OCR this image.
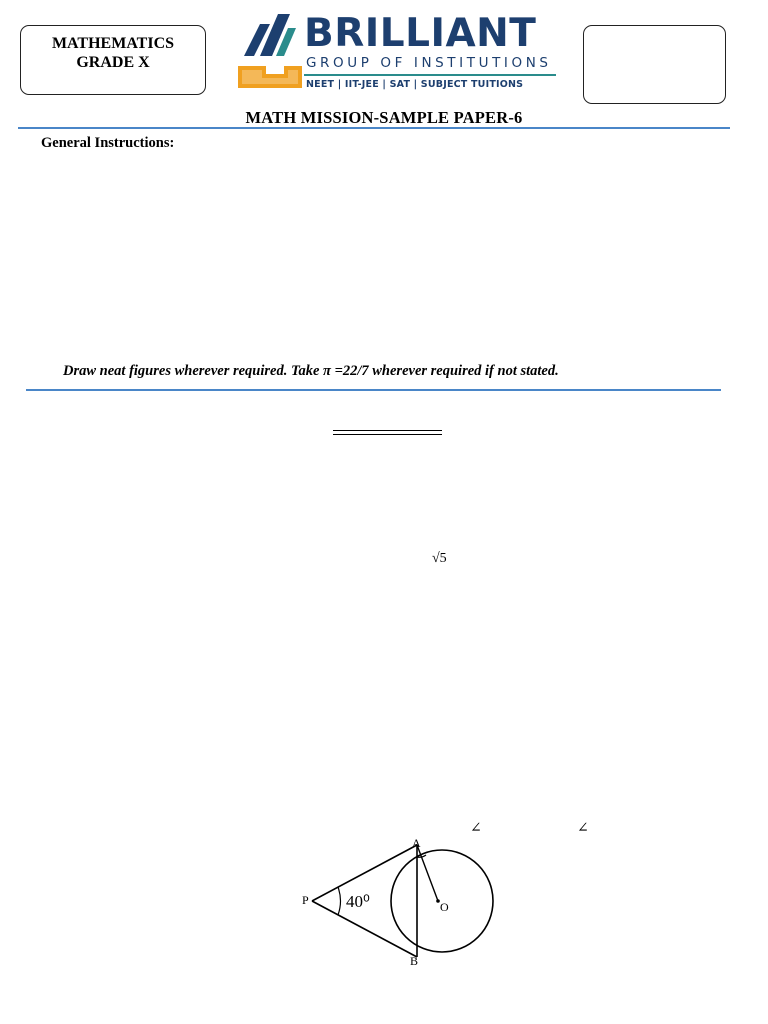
MATHEMATICS
GRADE X
BRILLIANT
GROUP OF INSTITUTIONS
NEET | IIT-JEE | SAT | SUBJECT TUITIONS
MATH MISSION-SAMPLE PAPER-6
General Instructions:
Draw neat figures wherever required. Take π =22/7 wherever required if not stated.
√5
∠	∠
A
B
P	O
40⁰
